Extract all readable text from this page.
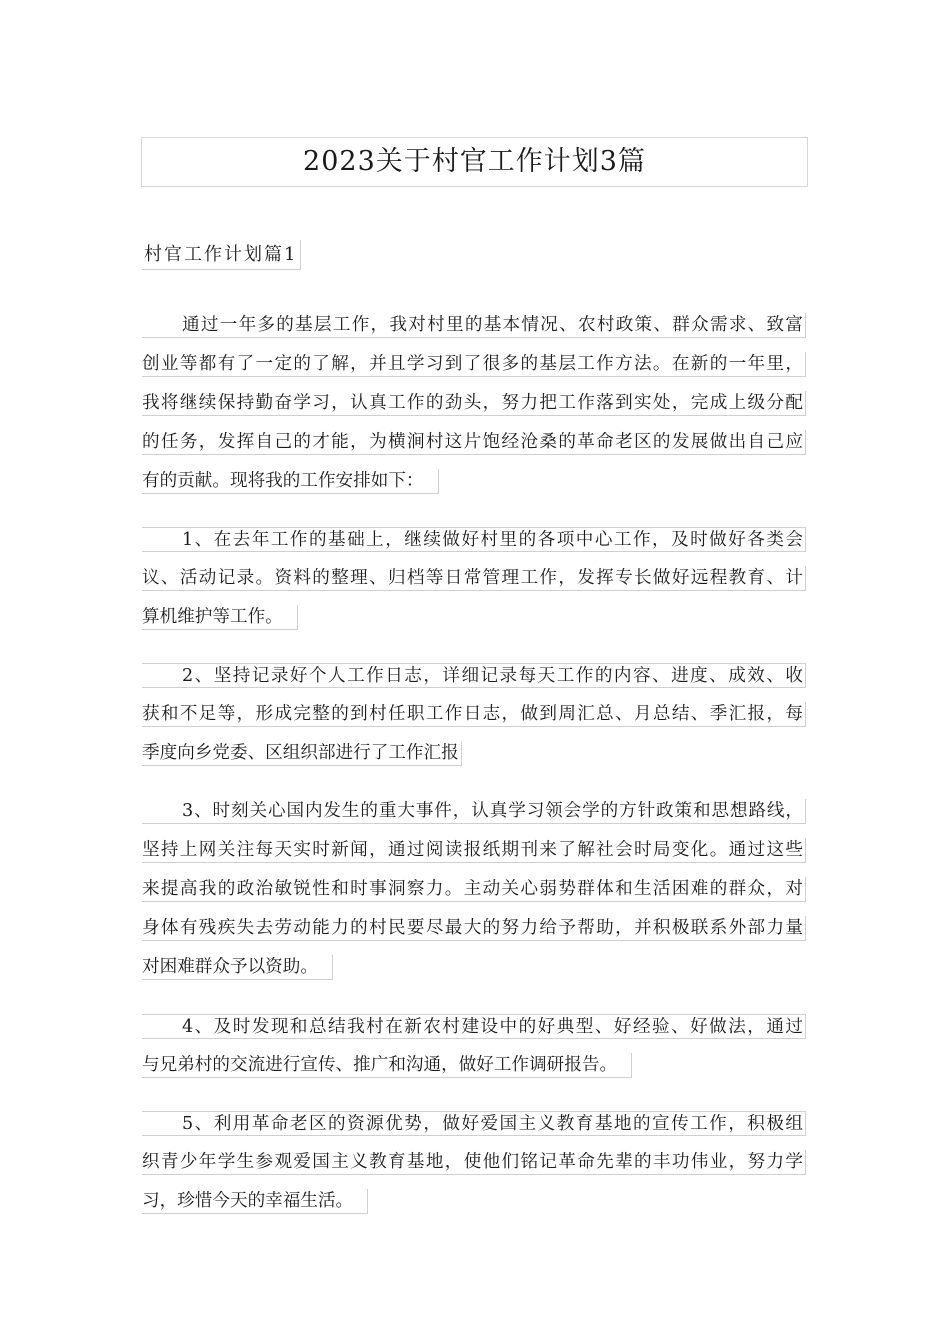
2023关于村官工作计划3篇
村官工作计划篇1
通过一年多的基层工作，我对村里的基本情况、农村政策、群众需求、致富
创业等都有了一定的了解，并且学习到了很多的基层工作方法。在新的一年里，
我将继续保持勤奋学习，认真工作的劲头，努力把工作落到实处，完成上级分配
的任务，发挥自己的才能，为横涧村这片饱经沧桑的革命老区的发展做出自己应
有的贡献。现将我的工作安排如下：
1、在去年工作的基础上，继续做好村里的各项中心工作，及时做好各类会
议、活动记录。资料的整理、归档等日常管理工作，发挥专长做好远程教育、计
算机维护等工作。
2、坚持记录好个人工作日志，详细记录每天工作的内容、进度、成效、收
获和不足等，形成完整的到村任职工作日志，做到周汇总、月总结、季汇报，每
季度向乡党委、区组织部进行了工作汇报
3、时刻关心国内发生的重大事件，认真学习领会学的方针政策和思想路线，
坚持上网关注每天实时新闻，通过阅读报纸期刊来了解社会时局变化。通过这些
来提高我的政治敏锐性和时事洞察力。主动关心弱势群体和生活困难的群众，对
身体有残疾失去劳动能力的村民要尽最大的努力给予帮助，并积极联系外部力量
对困难群众予以资助。
4、及时发现和总结我村在新农村建设中的好典型、好经验、好做法，通过
与兄弟村的交流进行宣传、推广和沟通，做好工作调研报告。
5、利用革命老区的资源优势，做好爱国主义教育基地的宣传工作，积极组
织青少年学生参观爱国主义教育基地，使他们铭记革命先辈的丰功伟业，努力学
习，珍惜今天的幸福生活。
